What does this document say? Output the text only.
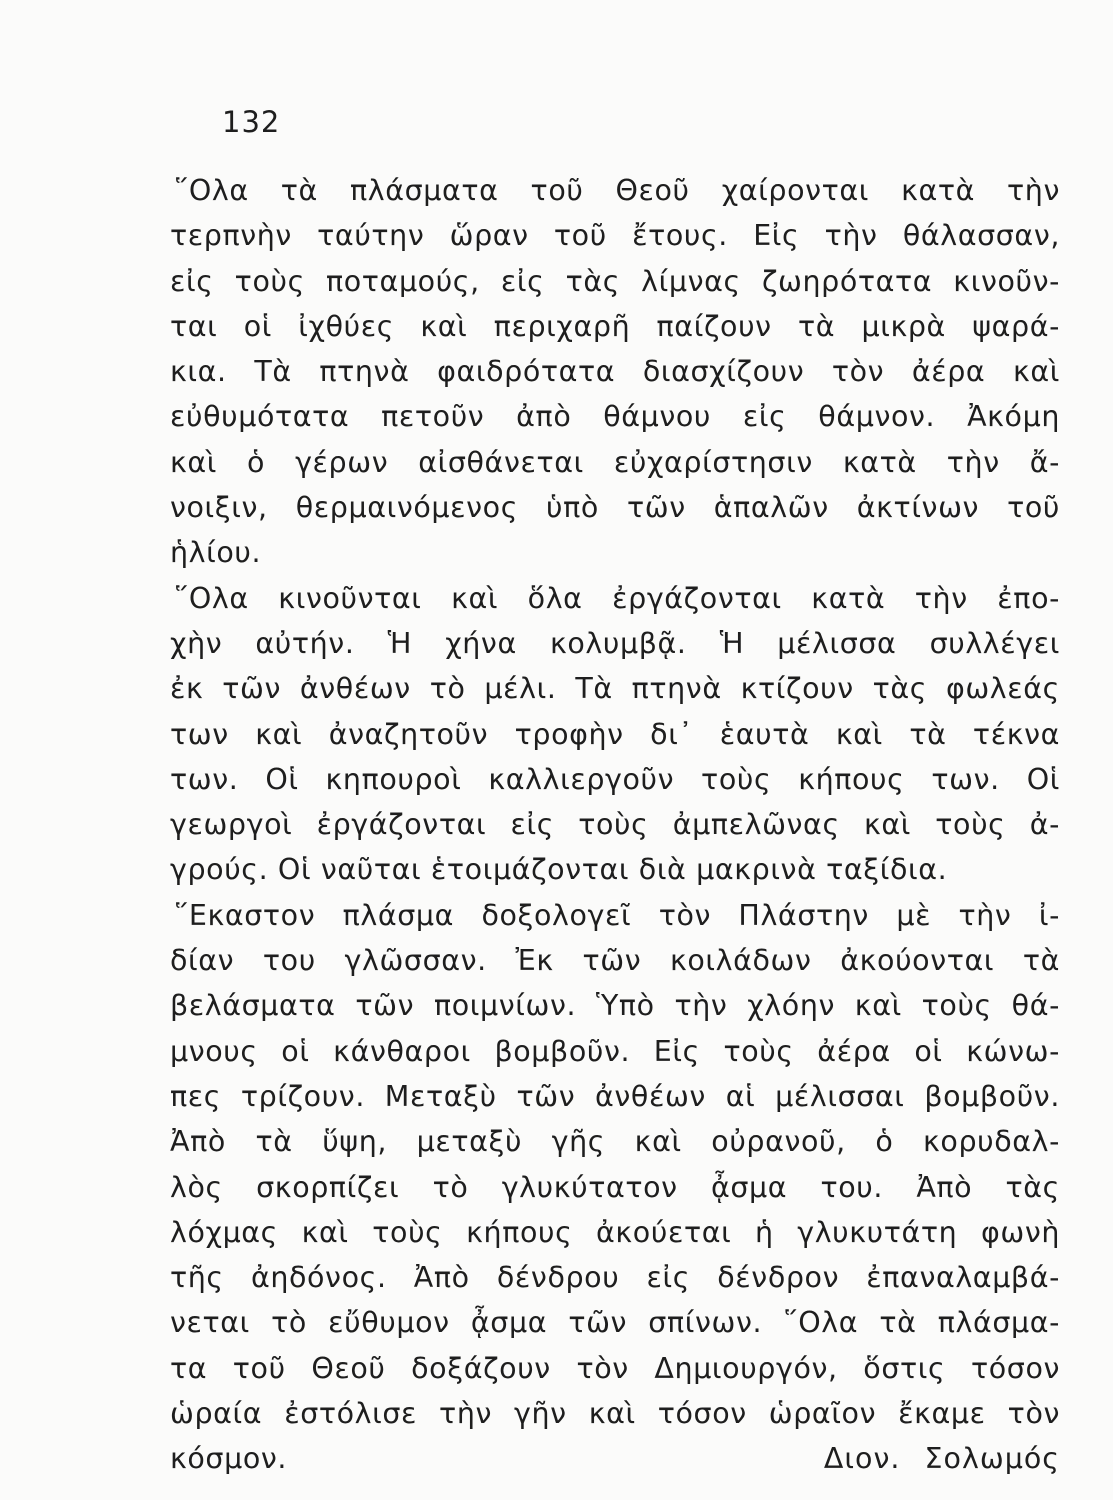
132
῞Ολα τὰ πλάσματα τοῦ Θεοῦ χαίρονται κατὰ τὴν
τερπνὴν ταύτην ὥραν τοῦ ἔτους. Εἰς τὴν θάλασσαν,
εἰς τοὺς ποταμούς, εἰς τὰς λίμνας ζωηρότατα κινοῦν-
ται οἱ ἰχθύες καὶ περιχαρῆ παίζουν τὰ μικρὰ ψαρά-
κια. Τὰ πτηνὰ φαιδρότατα διασχίζουν τὸν ἀέρα καὶ
εὐθυμότατα πετοῦν ἀπὸ θάμνου εἰς θάμνον. Ἀκόμη
καὶ ὁ γέρων αἰσθάνεται εὐχαρίστησιν κατὰ τὴν ἄ-
νοιξιν, θερμαινόμενος ὑπὸ τῶν ἁπαλῶν ἀκτίνων τοῦ
ἡλίου.
῞Ολα κινοῦνται καὶ ὅλα ἐργάζονται κατὰ τὴν ἐπο-
χὴν αὐτήν. Ἡ χήνα κολυμβᾷ. Ἡ μέλισσα συλλέγει
ἐκ τῶν ἀνθέων τὸ μέλι. Τὰ πτηνὰ κτίζουν τὰς φωλεάς
των καὶ ἀναζητοῦν τροφὴν δι᾽ ἑαυτὰ καὶ τὰ τέκνα
των. Οἱ κηπουροὶ καλλιεργοῦν τοὺς κήπους των. Οἱ
γεωργοὶ ἐργάζονται εἰς τοὺς ἀμπελῶνας καὶ τοὺς ἀ-
γρούς. Οἱ ναῦται ἑτοιμάζονται διὰ μακρινὰ ταξίδια.
῞Εκαστον πλάσμα δοξολογεῖ τὸν Πλάστην μὲ τὴν ἰ-
δίαν του γλῶσσαν. Ἐκ τῶν κοιλάδων ἀκούονται τὰ
βελάσματα τῶν ποιμνίων. Ὑπὸ τὴν χλόην καὶ τοὺς θά-
μνους οἱ κάνθαροι βομβοῦν. Εἰς τοὺς ἀέρα οἱ κώνω-
πες τρίζουν. Μεταξὺ τῶν ἀνθέων αἱ μέλισσαι βομβοῦν.
Ἀπὸ τὰ ὕψη, μεταξὺ γῆς καὶ οὐρανοῦ, ὁ κορυδαλ-
λὸς σκορπίζει τὸ γλυκύτατον ᾆσμα του. Ἀπὸ τὰς
λόχμας καὶ τοὺς κήπους ἀκούεται ἡ γλυκυτάτη φωνὴ
τῆς ἀηδόνος. Ἀπὸ δένδρου εἰς δένδρον ἐπαναλαμβά-
νεται τὸ εὔθυμον ᾆσμα τῶν σπίνων. ῞Ολα τὰ πλάσμα-
τα τοῦ Θεοῦ δοξάζουν τὸν Δημιουργόν, ὅστις τόσον
ὡραία ἐστόλισε τὴν γῆν καὶ τόσον ὡραῖον ἔκαμε τὸν
κόσμον.	Διον. Σολωμός
